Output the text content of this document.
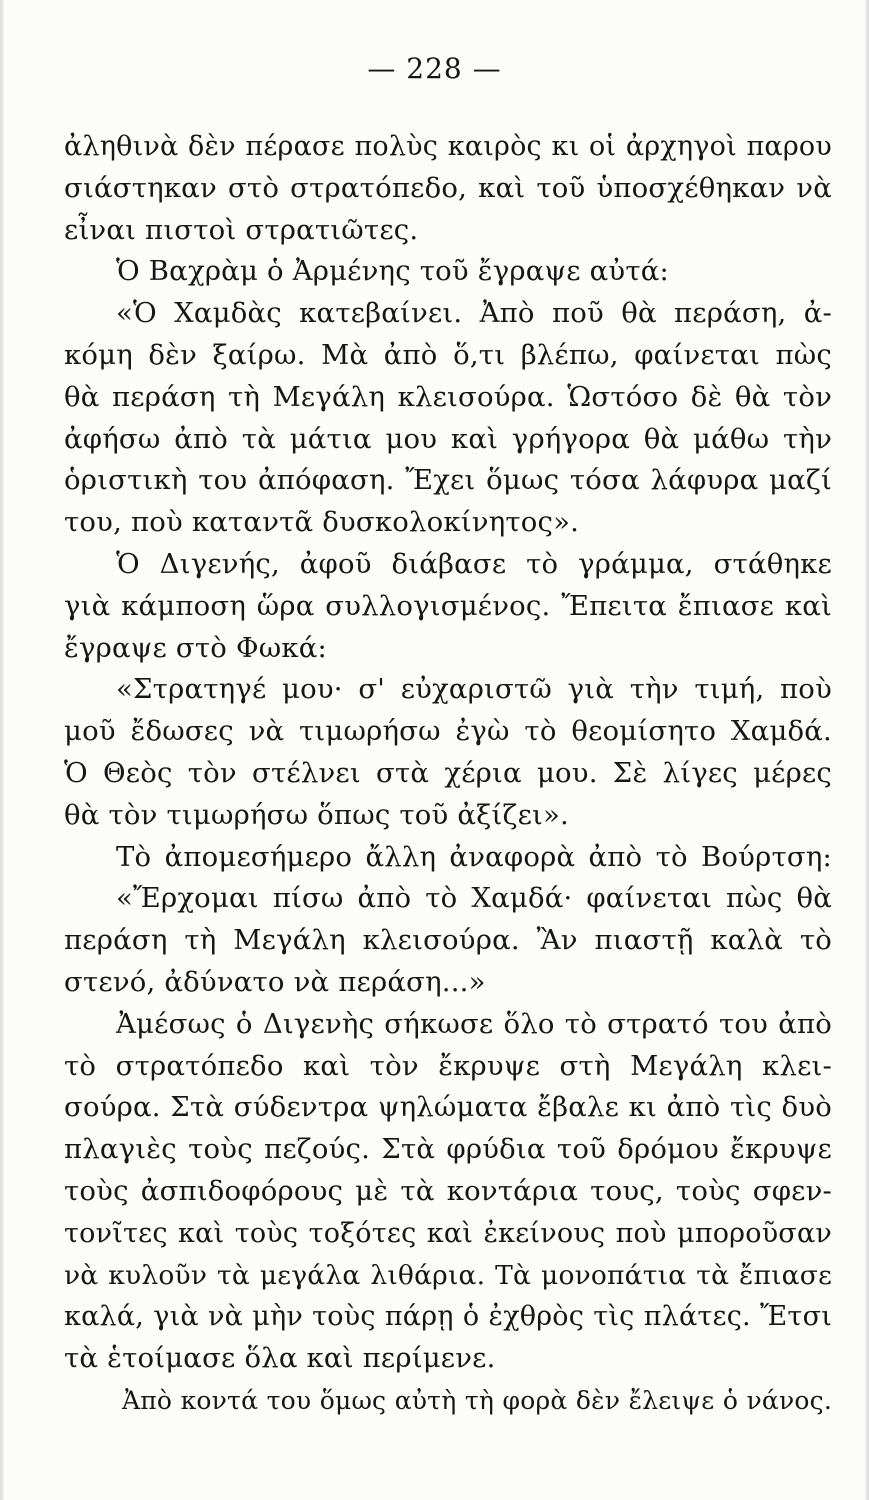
— 228 —
ἀληθινὰ δὲν πέρασε πολὺς καιρὸς κι οἱ ἀρχηγοὶ παρου
σιάστηκαν στὸ στρατόπεδο, καὶ τοῦ ὑποσχέθηκαν νὰ
εἶναι πιστοὶ στρατιῶτες.
Ὁ Βαχρὰμ ὁ Ἀρμένης τοῦ ἔγραψε αὐτά:
«Ὁ Χαμδὰς κατεβαίνει. Ἀπὸ ποῦ θὰ περάση, ἀ-
κόμη δὲν ξαίρω. Μὰ ἀπὸ ὅ,τι βλέπω, φαίνεται πὼς
θὰ περάση τὴ Μεγάλη κλεισούρα. Ὡστόσο δὲ θὰ τὸν
ἀφήσω ἀπὸ τὰ μάτια μου καὶ γρήγορα θὰ μάθω τὴν
ὁριστικὴ του ἀπόφαση. Ἔχει ὅμως τόσα λάφυρα μαζί
του, ποὺ καταντᾶ δυσκολοκίνητος».
Ὁ Διγενής, ἀφοῦ διάβασε τὸ γράμμα, στάθηκε
γιὰ κάμποση ὥρα συλλογισμένος. Ἔπειτα ἔπιασε καὶ
ἔγραψε στὸ Φωκά:
«Στρατηγέ μου· σ' εὐχαριστῶ γιὰ τὴν τιμή, ποὺ
μοῦ ἔδωσες νὰ τιμωρήσω ἐγὼ τὸ θεομίσητο Χαμδά.
Ὁ Θεὸς τὸν στέλνει στὰ χέρια μου. Σὲ λίγες μέρες
θὰ τὸν τιμωρήσω ὅπως τοῦ ἀξίζει».
Τὸ ἀπομεσήμερο ἄλλη ἀναφορὰ ἀπὸ τὸ Βούρτση:
«Ἔρχομαι πίσω ἀπὸ τὸ Χαμδά· φαίνεται πὼς θὰ
περάση τὴ Μεγάλη κλεισούρα. Ἂν πιαστῇ καλὰ τὸ
στενό, ἀδύνατο νὰ περάση...»
Ἀμέσως ὁ Διγενὴς σήκωσε ὅλο τὸ στρατό του ἀπὸ
τὸ στρατόπεδο καὶ τὸν ἔκρυψε στὴ Μεγάλη κλει-
σούρα. Στὰ σύδεντρα ψηλώματα ἔβαλε κι ἀπὸ τὶς δυὸ
πλαγιὲς τοὺς πεζούς. Στὰ φρύδια τοῦ δρόμου ἔκρυψε
τοὺς ἀσπιδοφόρους μὲ τὰ κοντάρια τους, τοὺς σφεν-
τονῖτες καὶ τοὺς τοξότες καὶ ἐκείνους ποὺ μποροῦσαν
νὰ κυλοῦν τὰ μεγάλα λιθάρια. Τὰ μονοπάτια τὰ ἔπιασε
καλά, γιὰ νὰ μὴν τοὺς πάρῃ ὁ ἐχθρὸς τὶς πλάτες. Ἔτσι
τὰ ἑτοίμασε ὅλα καὶ περίμενε.
Ἀπὸ κοντά του ὅμως αὐτὴ τὴ φορὰ δὲν ἔλειψε ὁ νάνος.
